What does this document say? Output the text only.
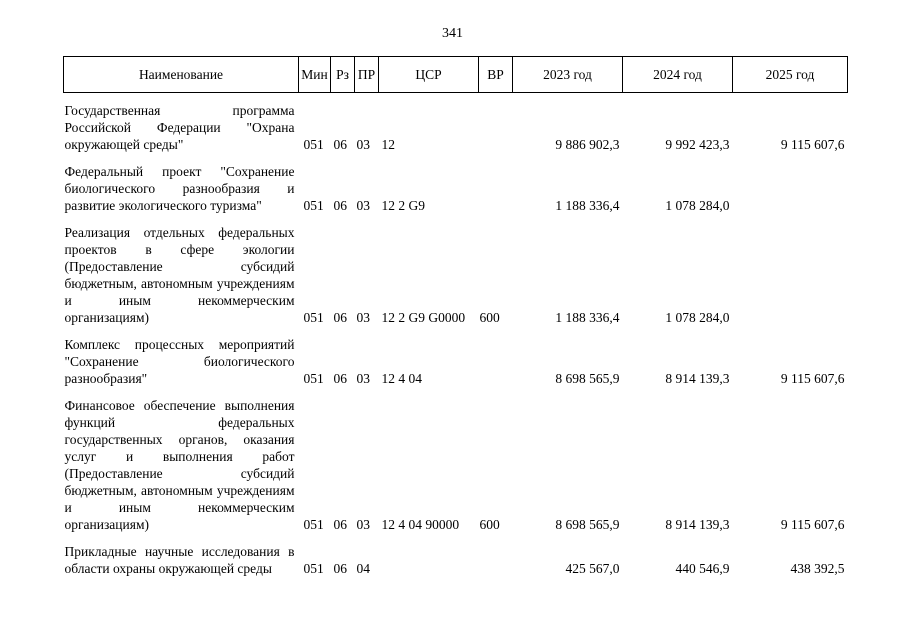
341
Наименование	Мин	Рз	ПР	ЦСР	ВР	2023 год	2024 год	2025 год

Государственная программа Российской Федерации "Охрана окружающей среды"	051	06	03	12		9 886 902,3	9 992 423,3	9 115 607,6

Федеральный проект "Сохранение биологического разнообразия и развитие экологического туризма"	051	06	03	12 2 G9		1 188 336,4	1 078 284,0	

Реализация отдельных федеральных проектов в сфере экологии (Предоставление субсидий бюджетным, автономным учреждениям и иным некоммерческим организациям)	051	06	03	12 2 G9 G0000	600	1 188 336,4	1 078 284,0	

Комплекс процессных мероприятий "Сохранение биологического разнообразия"	051	06	03	12 4 04		8 698 565,9	8 914 139,3	9 115 607,6

Финансовое обеспечение выполнения функций федеральных государственных органов, оказания услуг и выполнения работ (Предоставление субсидий бюджетным, автономным учреждениям и иным некоммерческим организациям)	051	06	03	12 4 04 90000	600	8 698 565,9	8 914 139,3	9 115 607,6

Прикладные научные исследования в области охраны окружающей среды	051	06	04			425 567,0	440 546,9	438 392,5
